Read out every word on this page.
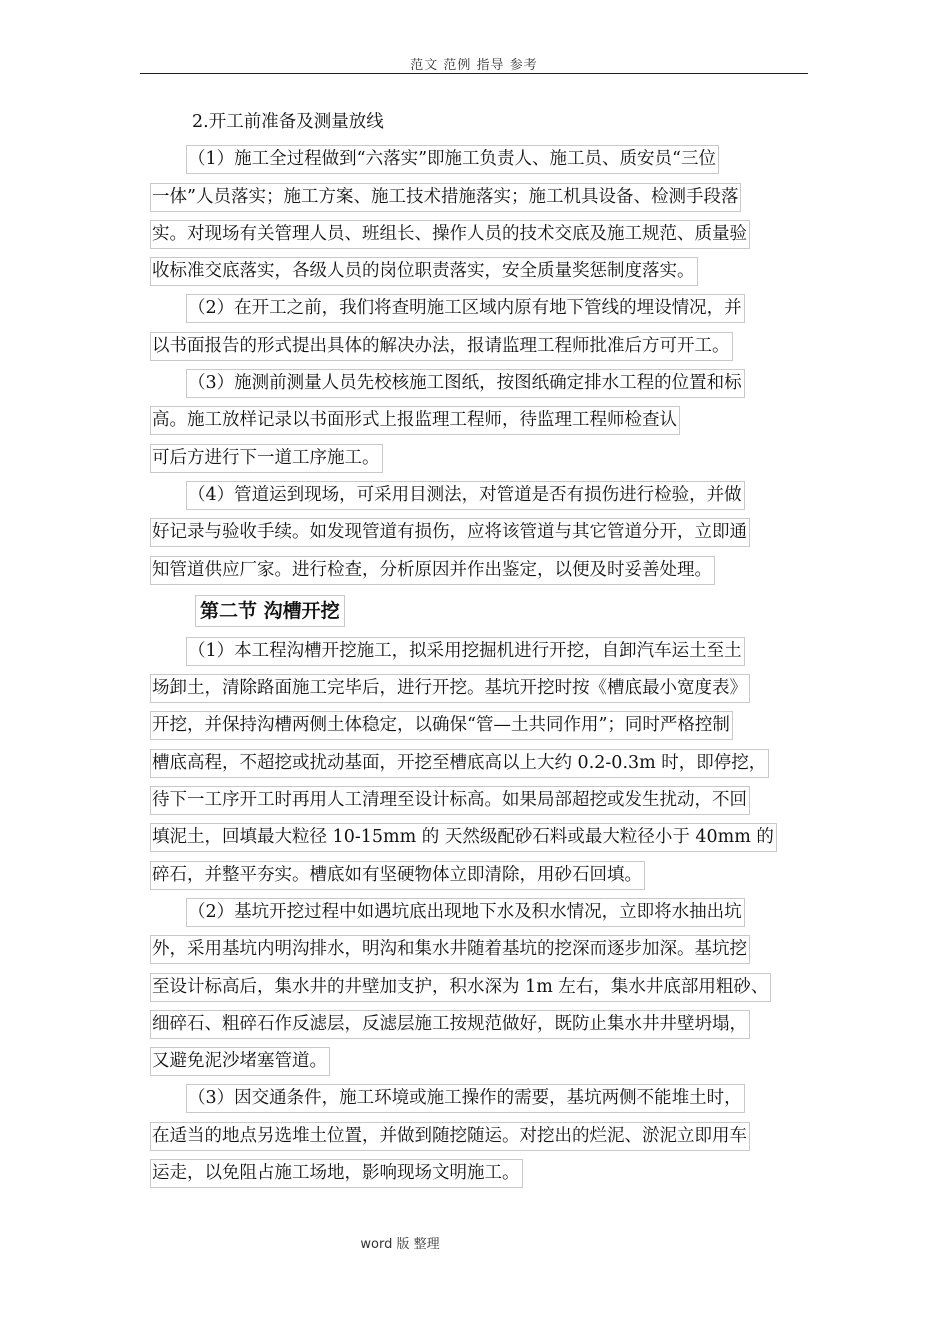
范文 范例 指导 参考
2.开工前准备及测量放线
（1）施工全过程做到“六落实”即施工负责人、施工员、质安员“三位
一体”人员落实；施工方案、施工技术措施落实；施工机具设备、检测手段落
实。对现场有关管理人员、班组长、操作人员的技术交底及施工规范、质量验
收标准交底落实，各级人员的岗位职责落实，安全质量奖惩制度落实。
（2）在开工之前，我们将查明施工区域内原有地下管线的埋设情况，并
以书面报告的形式提出具体的解决办法，报请监理工程师批准后方可开工。
（3）施测前测量人员先校核施工图纸，按图纸确定排水工程的位置和标
高。施工放样记录以书面形式上报监理工程师，待监理工程师检查认
可后方进行下一道工序施工。
（4）管道运到现场，可采用目测法，对管道是否有损伤进行检验，并做
好记录与验收手续。如发现管道有损伤，应将该管道与其它管道分开，立即通
知管道供应厂家。进行检查，分析原因并作出鉴定，以便及时妥善处理。
第二节 沟槽开挖
（1）本工程沟槽开挖施工，拟采用挖掘机进行开挖，自卸汽车运土至土
场卸土，清除路面施工完毕后，进行开挖。基坑开挖时按《槽底最小宽度表》
开挖，并保持沟槽两侧土体稳定，以确保“管—土共同作用”；同时严格控制
槽底高程，不超挖或扰动基面，开挖至槽底高以上大约 0.2-0.3m 时，即停挖，
待下一工序开工时再用人工清理至设计标高。如果局部超挖或发生扰动，不回
填泥土，回填最大粒径 10-15mm 的 天然级配砂石料或最大粒径小于 40mm 的
碎石，并整平夯实。槽底如有坚硬物体立即清除，用砂石回填。
（2）基坑开挖过程中如遇坑底出现地下水及积水情况，立即将水抽出坑
外，采用基坑内明沟排水，明沟和集水井随着基坑的挖深而逐步加深。基坑挖
至设计标高后，集水井的井壁加支护，积水深为 1m 左右，集水井底部用粗砂、
细碎石、粗碎石作反滤层，反滤层施工按规范做好，既防止集水井井壁坍塌，
又避免泥沙堵塞管道。
（3）因交通条件，施工环境或施工操作的需要，基坑两侧不能堆土时，
在适当的地点另选堆土位置，并做到随挖随运。对挖出的烂泥、淤泥立即用车
运走，以免阻占施工场地，影响现场文明施工。
word 版 整理
